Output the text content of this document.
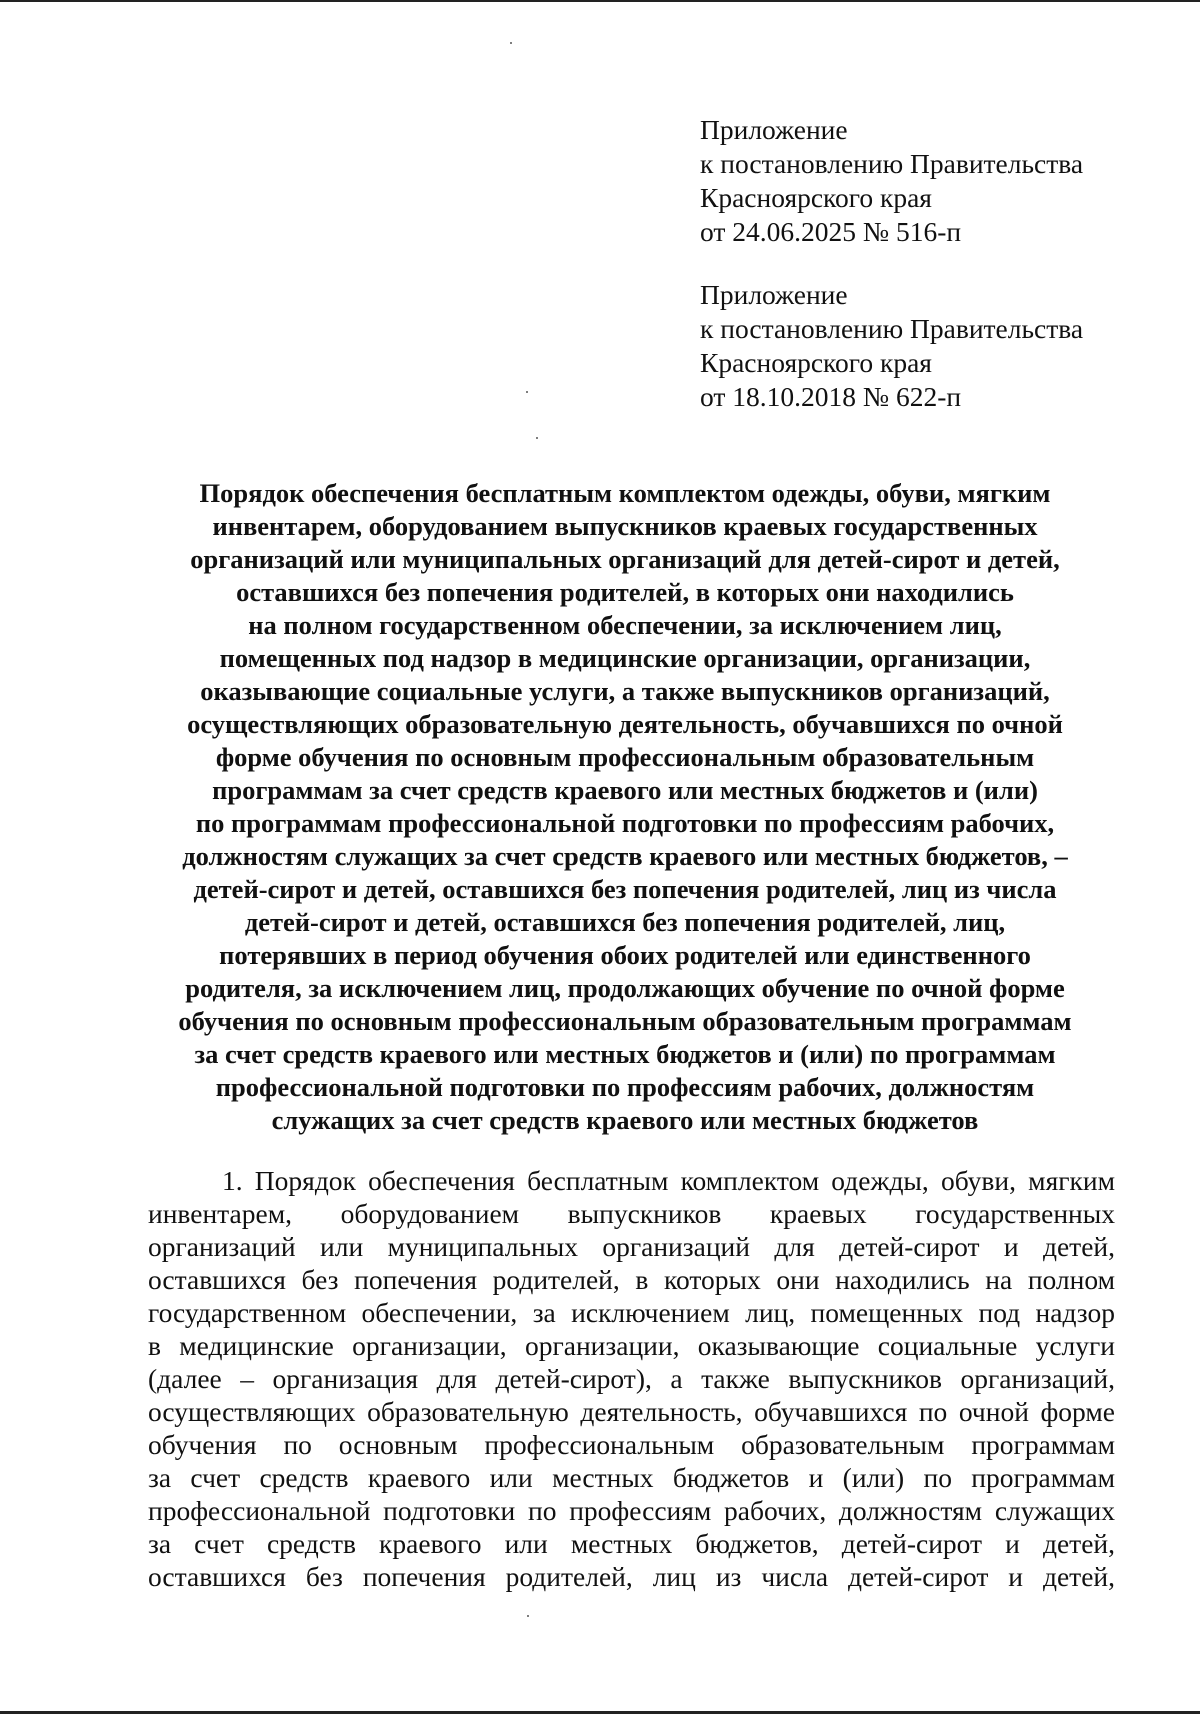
Приложение
к постановлению Правительства
Красноярского края
от 24.06.2025 № 516-п
Приложение
к постановлению Правительства
Красноярского края
от 18.10.2018 № 622-п
Порядок обеспечения бесплатным комплектом одежды, обуви, мягким
инвентарем, оборудованием выпускников краевых государственных
организаций или муниципальных организаций для детей-сирот и детей,
оставшихся без попечения родителей, в которых они находились
на полном государственном обеспечении, за исключением лиц,
помещенных под надзор в медицинские организации, организации,
оказывающие социальные услуги, а также выпускников организаций,
осуществляющих образовательную деятельность, обучавшихся по очной
форме обучения по основным профессиональным образовательным
программам за счет средств краевого или местных бюджетов и (или)
по программам профессиональной подготовки по профессиям рабочих,
должностям служащих за счет средств краевого или местных бюджетов, –
детей-сирот и детей, оставшихся без попечения родителей, лиц из числа
детей-сирот и детей, оставшихся без попечения родителей, лиц,
потерявших в период обучения обоих родителей или единственного
родителя, за исключением лиц, продолжающих обучение по очной форме
обучения по основным профессиональным образовательным программам
за счет средств краевого или местных бюджетов и (или) по программам
профессиональной подготовки по профессиям рабочих, должностям
служащих за счет средств краевого или местных бюджетов
1. Порядок обеспечения бесплатным комплектом одежды, обуви, мягким
инвентарем, оборудованием выпускников краевых государственных
организаций или муниципальных организаций для детей-сирот и детей,
оставшихся без попечения родителей, в которых они находились на полном
государственном обеспечении, за исключением лиц, помещенных под надзор
в медицинские организации, организации, оказывающие социальные услуги
(далее – организация для детей-сирот), а также выпускников организаций,
осуществляющих образовательную деятельность, обучавшихся по очной форме
обучения по основным профессиональным образовательным программам
за счет средств краевого или местных бюджетов и (или) по программам
профессиональной подготовки по профессиям рабочих, должностям служащих
за счет средств краевого или местных бюджетов, детей-сирот и детей,
оставшихся без попечения родителей, лиц из числа детей-сирот и детей,
